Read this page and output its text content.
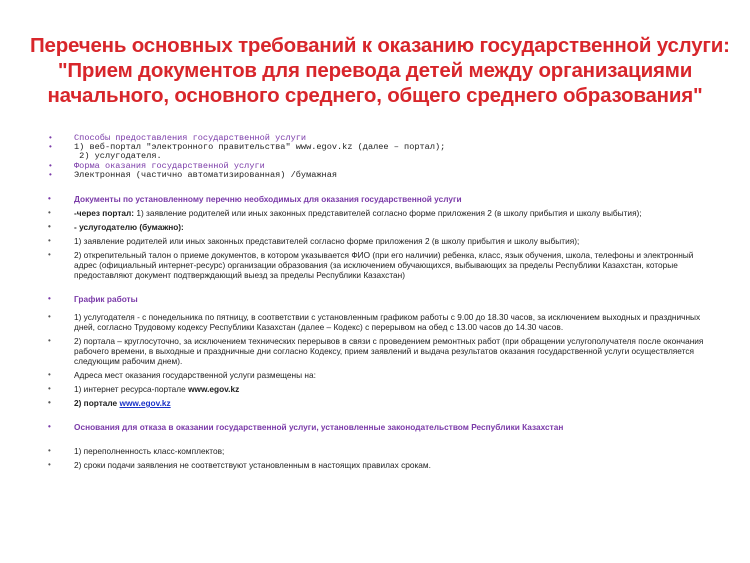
Перечень основных требований к оказанию государственной услуги:
"Прием документов для перевода детей между организациями
начального, основного среднего, общего среднего образования"
•	Способы предоставления государственной услуги
•	1) веб-портал "электронного правительства" www.egov.kz (далее – портал);
2) услугодателя.
•	Форма оказания государственной услуги
•	Электронная (частично автоматизированная) /бумажная
•	Документы по установленному перечню необходимых для оказания государственной услуги
•	-через портал: 1) заявление родителей или иных законных представителей согласно форме приложения 2 (в школу прибытия и школу выбытия);
•	- услугодателю (бумажно):
•	1) заявление родителей или иных законных представителей согласно форме приложения 2 (в школу прибытия и школу выбытия);
•	2) открепительный талон о приеме документов, в котором указывается ФИО (при его наличии) ребенка, класс, язык обучения, школа, телефоны и электронный адрес (официальный интернет-ресурс) организации образования (за исключением обучающихся, выбывающих за пределы Республики Казахстан, которые предоставляют документ подтверждающий выезд за пределы Республики Казахстан)
•	График работы
•	1) услугодателя - с понедельника по пятницу, в соответствии с установленным графиком работы с 9.00 до 18.30 часов, за исключением выходных и праздничных дней, согласно Трудовому кодексу Республики Казахстан (далее – Кодекс) с перерывом на обед с 13.00 часов до 14.30 часов.
•	2) портала – круглосуточно, за исключением технических перерывов в связи с проведением ремонтных работ (при обращении услугополучателя после окончания рабочего времени, в выходные и праздничные дни согласно Кодексу, прием заявлений и выдача результатов оказания государственной услуги осуществляется следующим рабочим днем).
•	Адреса мест оказания государственной услуги размещены на:
•	1) интернет ресурса-портале www.egov.kz
•	2) портале www.egov.kz
•	Основания для отказа в оказании государственной услуги, установленные законодательством Республики Казахстан
•	1) переполненность класс-комплектов;
•	2) сроки подачи заявления не соответствуют установленным в настоящих правилах срокам.
